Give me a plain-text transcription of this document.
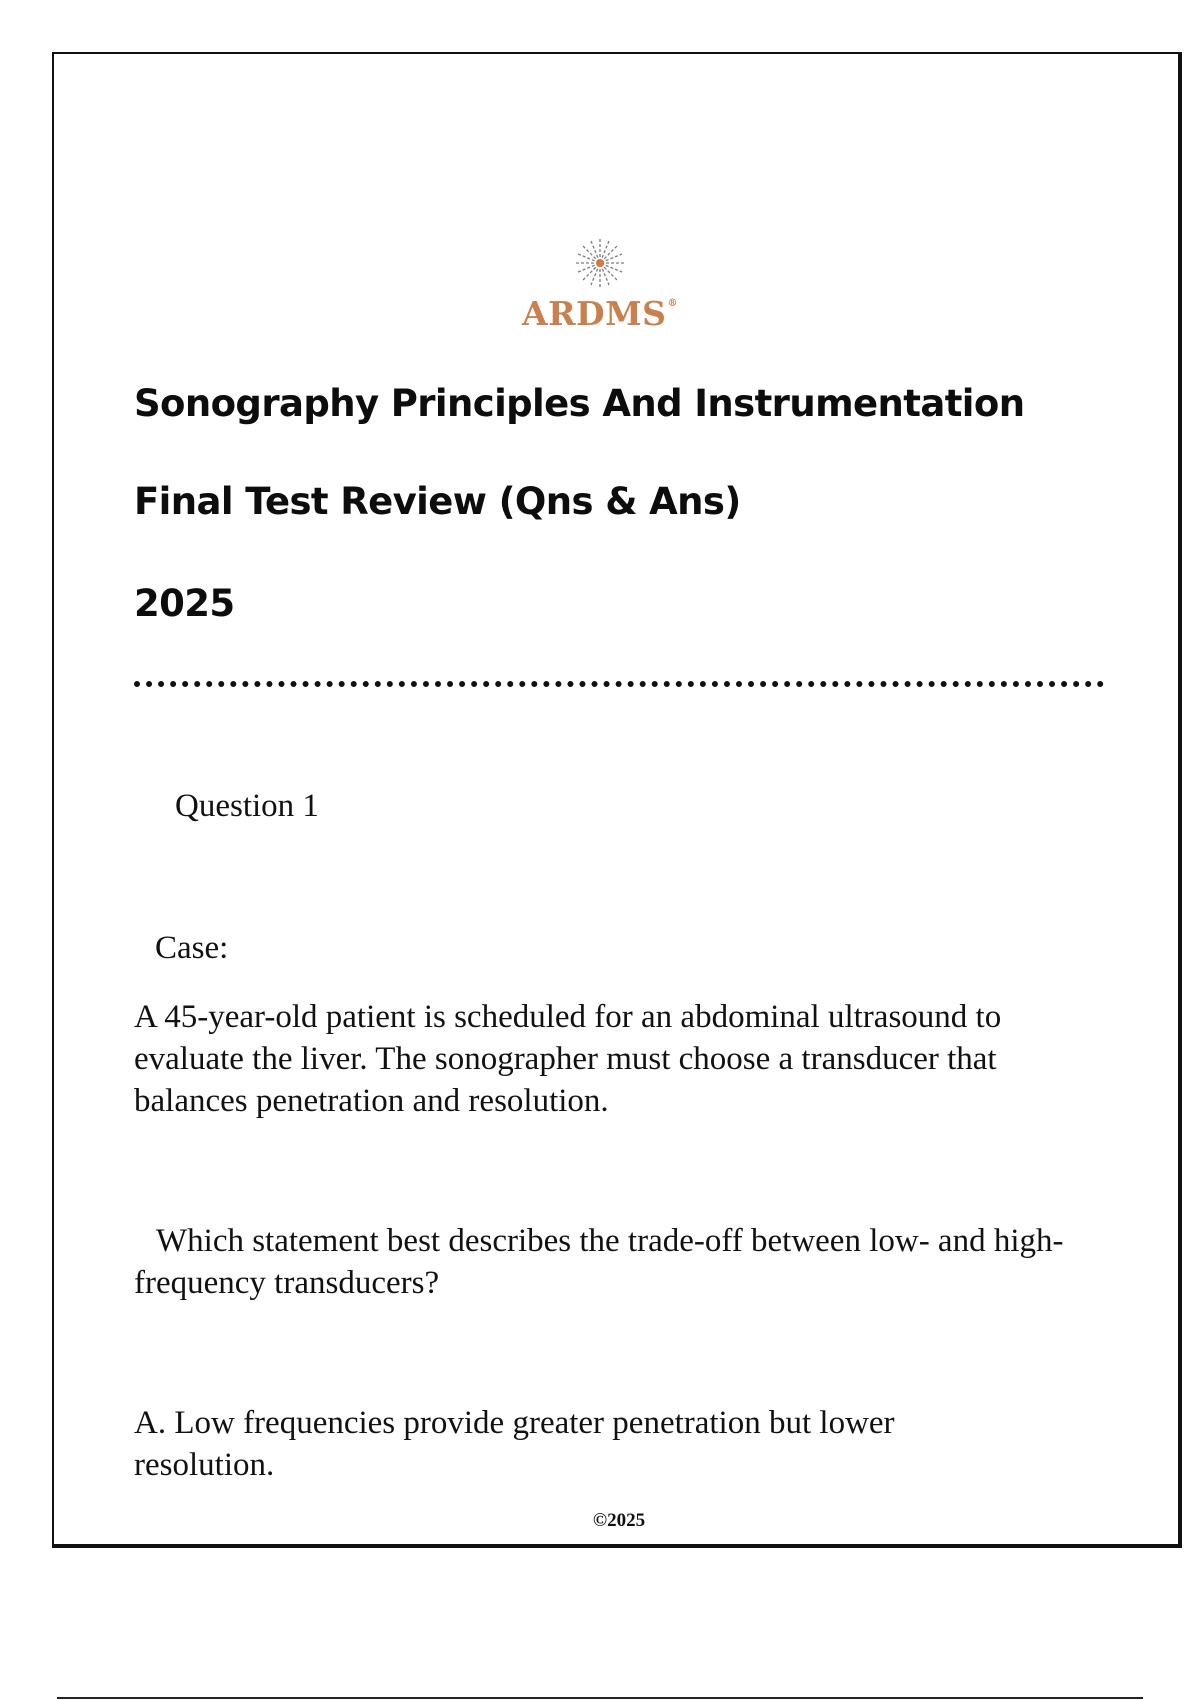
ARDMS®
Sonography Principles And Instrumentation
Final Test Review (Qns & Ans)
2025
Question 1
Case:
A 45-year-old patient is scheduled for an abdominal ultrasound to evaluate the liver. The sonographer must choose a transducer that balances penetration and resolution.
Which statement best describes the trade-off between low- and high-frequency transducers?
A. Low frequencies provide greater penetration but lower resolution.
©2025
